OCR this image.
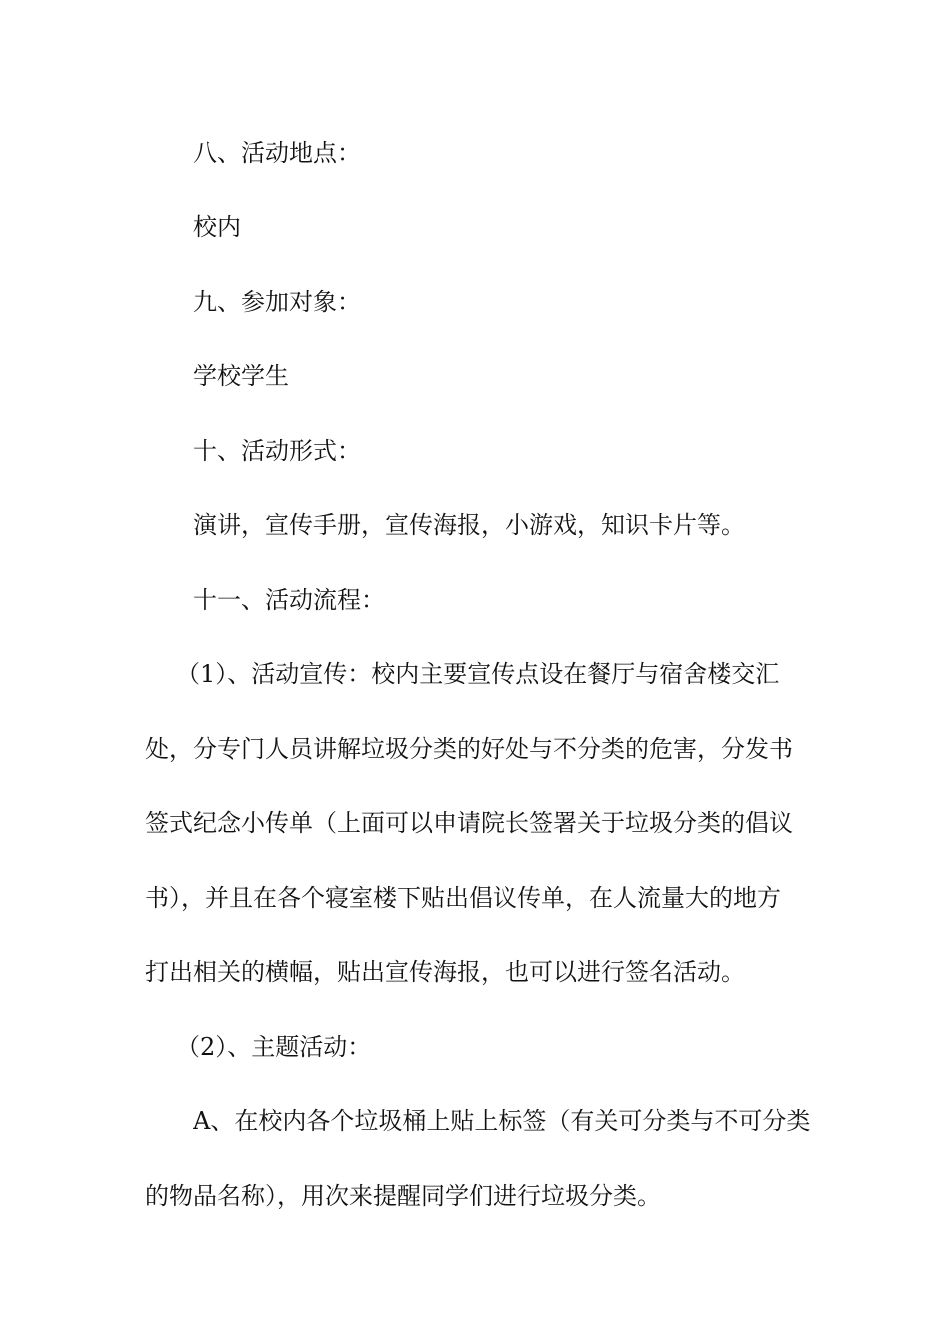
八、活动地点：
校内
九、参加对象：
学校学生
十、活动形式：
演讲，宣传手册，宣传海报，小游戏，知识卡片等。
十一、活动流程：
（1）、活动宣传：校内主要宣传点设在餐厅与宿舍楼交汇
处，分专门人员讲解垃圾分类的好处与不分类的危害，分发书
签式纪念小传单（上面可以申请院长签署关于垃圾分类的倡议
书），并且在各个寝室楼下贴出倡议传单，在人流量大的地方
打出相关的横幅，贴出宣传海报，也可以进行签名活动。
（2）、主题活动：
A、在校内各个垃圾桶上贴上标签（有关可分类与不可分类
的物品名称），用次来提醒同学们进行垃圾分类。
